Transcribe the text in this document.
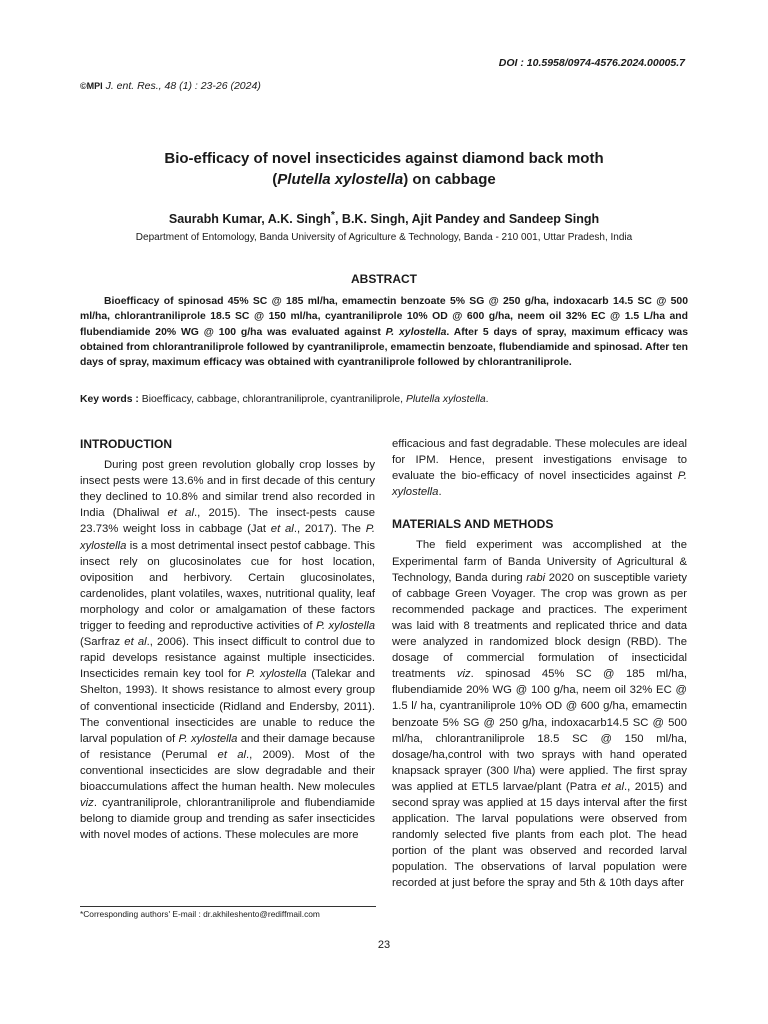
DOI : 10.5958/0974-4576.2024.00005.7
©MPI J. ent. Res., 48 (1) : 23-26 (2024)
Bio-efficacy of novel insecticides against diamond back moth
(Plutella xylostella) on cabbage
Saurabh Kumar, A.K. Singh*, B.K. Singh, Ajit Pandey and Sandeep Singh
Department of Entomology, Banda University of Agriculture & Technology, Banda - 210 001, Uttar Pradesh, India
ABSTRACT
Bioefficacy of spinosad 45% SC @ 185 ml/ha, emamectin benzoate 5% SG @ 250 g/ha, indoxacarb 14.5 SC @ 500 ml/ha, chlorantraniliprole 18.5 SC @ 150 ml/ha, cyantraniliprole 10% OD @ 600 g/ha, neem oil 32% EC @ 1.5 L/ha and flubendiamide 20% WG @ 100 g/ha was evaluated against P. xylostella. After 5 days of spray, maximum efficacy was obtained from chlorantraniliprole followed by cyantraniliprole, emamectin benzoate, flubendiamide and spinosad. After ten days of spray, maximum efficacy was obtained with cyantraniliprole followed by chlorantraniliprole.
Key words : Bioefficacy, cabbage, chlorantraniliprole, cyantraniliprole, Plutella xylostella.
INTRODUCTION

During post green revolution globally crop losses by insect pests were 13.6% and in first decade of this century they declined to 10.8% and similar trend also recorded in India (Dhaliwal et al., 2015). The insect-pests cause 23.73% weight loss in cabbage (Jat et al., 2017). The P. xylostella is a most detrimental insect pestof cabbage. This insect rely on glucosinolates cue for host location, oviposition and herbivory. Certain glucosinolates, cardenolides, plant volatiles, waxes, nutritional quality, leaf morphology and color or amalgamation of these factors trigger to feeding and reproductive activities of P. xylostella (Sarfraz et al., 2006). This insect difficult to control due to rapid develops resistance against multiple insecticides. Insecticides remain key tool for P. xylostella (Talekar and Shelton, 1993). It shows resistance to almost every group of conventional insecticide (Ridland and Endersby, 2011). The conventional insecticides are unable to reduce the larval population of P. xylostella and their damage because of resistance (Perumal et al., 2009). Most of the conventional insecticides are slow degradable and their bioaccumulations affect the human health. New molecules viz. cyantraniliprole, chlorantraniliprole and flubendiamide belong to diamide group and trending as safer insecticides with novel modes of actions. These molecules are more

efficacious and fast degradable. These molecules are ideal for IPM. Hence, present investigations envisage to evaluate the bio-efficacy of novel insecticides against P. xylostella.

MATERIALS AND METHODS

The field experiment was accomplished at the Experimental farm of Banda University of Agricultural & Technology, Banda during rabi 2020 on susceptible variety of cabbage Green Voyager. The crop was grown as per recommended package and practices. The experiment was laid with 8 treatments and replicated thrice and data were analyzed in randomized block design (RBD). The dosage of commercial formulation of insecticidal treatments viz. spinosad 45% SC @ 185 ml/ha, flubendiamide 20% WG @ 100 g/ha, neem oil 32% EC @ 1.5 l/ ha, cyantraniliprole 10% OD @ 600 g/ha, emamectin benzoate 5% SG @ 250 g/ha, indoxacarb14.5 SC @ 500 ml/ha, chlorantraniliprole 18.5 SC @ 150 ml/ha, dosage/ha,control with two sprays with hand operated knapsack sprayer (300 l/ha) were applied. The first spray was applied at ETL5 larvae/plant (Patra et al., 2015) and second spray was applied at 15 days interval after the first application. The larval populations were observed from randomly selected five plants from each plot. The head portion of the plant was observed and recorded larval population. The observations of larval population were recorded at just before the spray and 5th & 10th days after

*Corresponding authors' E-mail : dr.akhileshento@rediffmail.com
23
